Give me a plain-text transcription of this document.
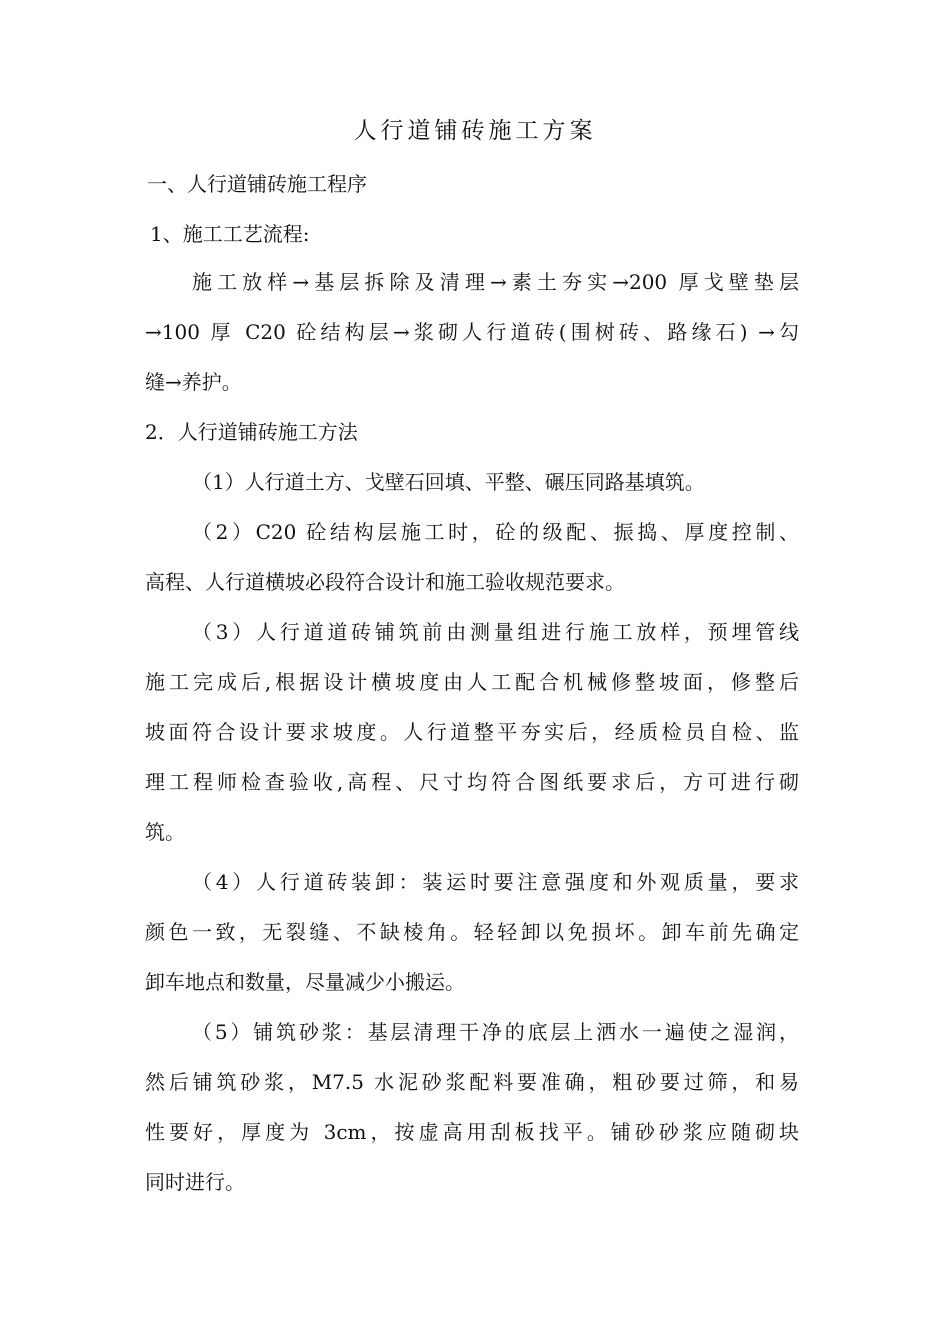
人行道铺砖施工方案
一、人行道铺砖施工程序
1、施工工艺流程:
施工放样→基层拆除及清理→素土夯实→200 厚戈壁垫层
→100 厚 C20 砼结构层→浆砌人行道砖(围树砖、路缘石) →勾
缝→养护。
2．人行道铺砖施工方法
（1）人行道土方、戈壁石回填、平整、碾压同路基填筑。
（2）C20 砼结构层施工时，砼的级配、振捣、厚度控制、
高程、人行道横坡必段符合设计和施工验收规范要求。
（3）人行道道砖铺筑前由测量组进行施工放样，预埋管线
施工完成后,根据设计横坡度由人工配合机械修整坡面，修整后
坡面符合设计要求坡度。人行道整平夯实后，经质检员自检、监
理工程师检查验收,高程、尺寸均符合图纸要求后，方可进行砌
筑。
（4）人行道砖装卸：装运时要注意强度和外观质量，要求
颜色一致，无裂缝、不缺棱角。轻轻卸以免损坏。卸车前先确定
卸车地点和数量，尽量减少小搬运。
（5）铺筑砂浆：基层清理干净的底层上洒水一遍使之湿润，
然后铺筑砂浆，M7.5 水泥砂浆配料要准确，粗砂要过筛，和易
性要好，厚度为 3cm，按虚高用刮板找平。铺砂砂浆应随砌块
同时进行。
